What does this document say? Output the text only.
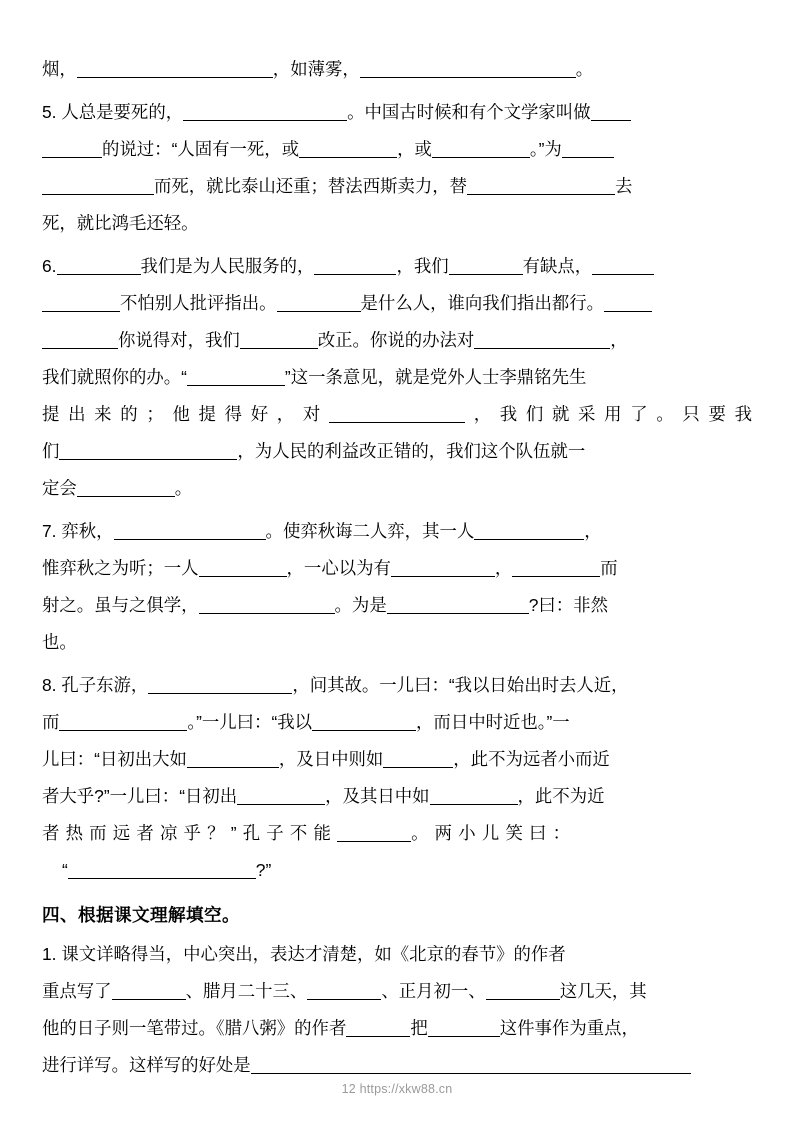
烟，	，如薄雾，	。
5. 人总是要死的，	。中国古时候和有个文学家叫做
的说过：“人固有一死，或	，或	。”为
而死，就比泰山还重；替法西斯卖力，替	去
死，就比鸿毛还轻。
6.	我们是为人民服务的，	，我们	有缺点，
不怕别人批评指出。	是什么人，谁向我们指出都行。
你说得对，我们	改正。你说的办法对	，
我们就照你的办。“	”这一条意见，就是党外人士李鼎铭先生
提出来的；他提得好，对	，我们就采用了。只要我
们	，为人民的利益改正错的，我们这个队伍就一
定会	。
7. 弈秋，	。使弈秋诲二人弈，其一人	，
惟弈秋之为听；一人	，一心以为有	，	而
射之。虽与之俱学，	。为是	?曰：非然
也。
8. 孔子东游，	，问其故。一儿曰：“我以日始出时去人近，
而	。”一儿曰：“我以	，而日中时近也。”一
儿曰：“日初出大如	，及日中则如	，此不为远者小而近
者大乎?”一儿曰：“日初出	，及其日中如	，此不为近
者热而远者凉乎？”孔子不能	。两小儿笑曰：
“	?”
四、根据课文理解填空。
1. 课文详略得当，中心突出，表达才清楚，如《北京的春节》的作者
重点写了	、腊月二十三、	、正月初一、	这几天，其
他的日子则一笔带过。《腊八粥》的作者	把	这件事作为重点，
进行详写。这样写的好处是
12 https://xkw88.cn
